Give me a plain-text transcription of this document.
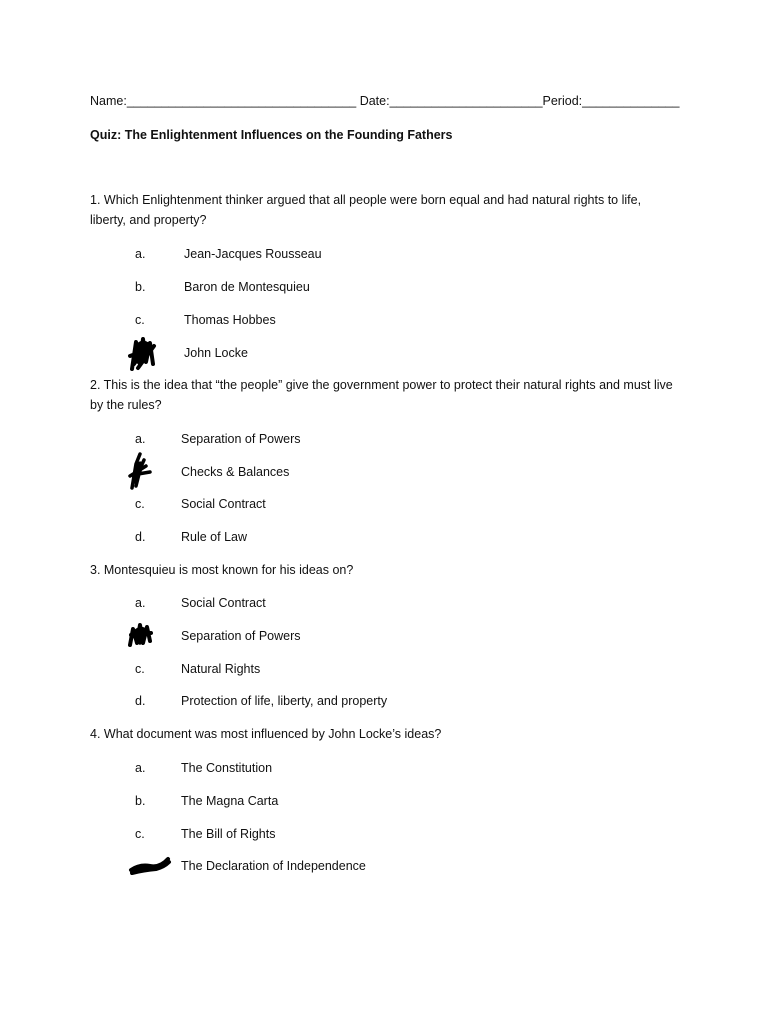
Name:_________________________________ Date:______________________Period:______________
Quiz: The Enlightenment Influences on the Founding Fathers
1. Which Enlightenment thinker argued that all people were born equal and had natural rights to life, liberty, and property?
a.	Jean-Jacques Rousseau
b.	Baron de Montesquieu
c.	Thomas Hobbes
John Locke
2. This is the idea that “the people” give the government power to protect their natural rights and must live by the rules?
a.	Separation of Powers
Checks & Balances
c.	Social Contract
d.	Rule of Law
3. Montesquieu is most known for his ideas on?
a.	Social Contract
Separation of Powers
c.	Natural Rights
d.	Protection of life, liberty, and property
4. What document was most influenced by John Locke’s ideas?
a.	The Constitution
b.	The Magna Carta
c.	The Bill of Rights
The Declaration of Independence
